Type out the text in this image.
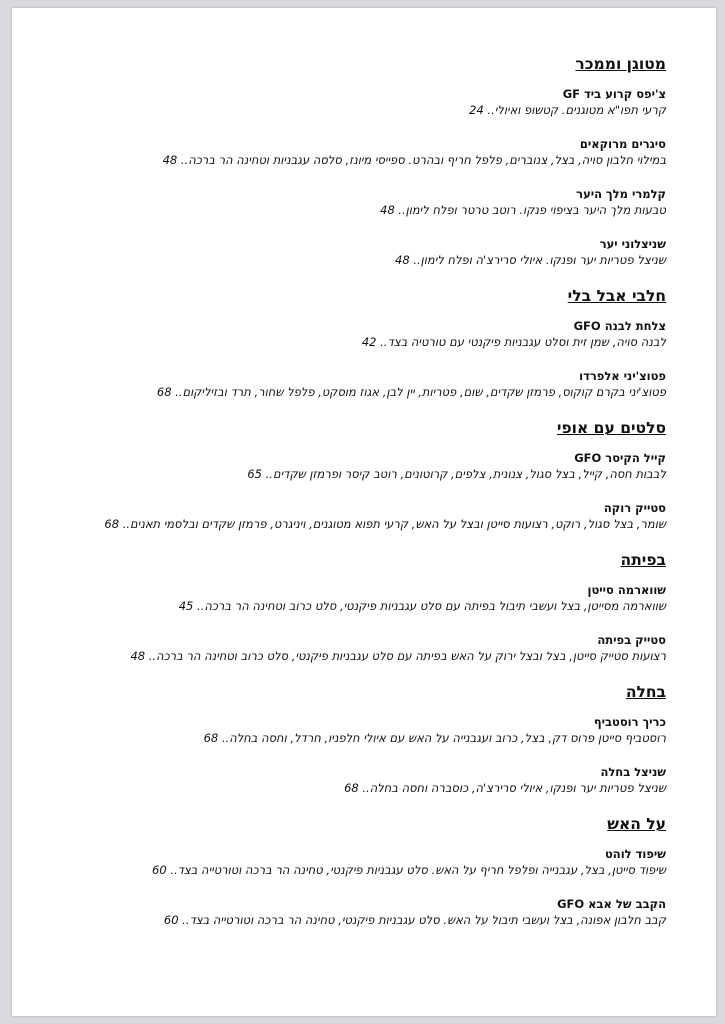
מטוגן וממכר
צ'יפס קרוע ביד GF
קרעי תפו"א מטוגנים. קטשופ ואיולי.. 24
סיגרים מרוקאים
במילוי חלבון סויה, בצל, צנוברים, פלפל חריף ובהרט. ספייסי מיונז, סלסה עגבניות וטחינה הר ברכה.. 48
קלמרי מלך היער
טבעות מלך היער בציפוי פנקו. רוטב טרטר ופלח לימון.. 48
שניצלוני יער
שניצל פטריות יער ופנקו. איולי סרירצ'ה ופלח לימון.. 48
חלבי אבל בלי
צלחת לבנה GFO
לבנה סויה, שמן זית וסלט עגבניות פיקנטי עם טורטיה בצד.. 42
פטוצ'יני אלפרדו
פטוצ'יני בקרם קוקוס, פרמזן שקדים, שום, פטריות, יין לבן, אגוז מוסקט, פלפל שחור, תרד ובזיליקום.. 68
סלטים עם אופי
קייל הקיסר GFO
לבבות חסה, קייל, בצל סגול, צנונית, צלפים, קרוטונים, רוטב קיסר ופרמזן שקדים.. 65
סטייק רוקה
שומר, בצל סגול, רוקט, רצועות סייטן ובצל על האש, קרעי תפוא מטוגנים, ויניגרט, פרמזן שקדים ובלסמי תאנים.. 68
בפיתה
שווארמה סייטן
שווארמה מסייטן, בצל ועשבי תיבול בפיתה עם סלט עגבניות פיקנטי, סלט כרוב וטחינה הר ברכה.. 45
סטייק בפיתה
רצועות סטייק סייטן, בצל ובצל ירוק על האש בפיתה עם סלט עגבניות פיקנטי, סלט כרוב וטחינה הר ברכה.. 48
בחלה
כריך רוסטביף
רוסטביף סייטן פרוס דק, בצל, כרוב ועגבנייה על האש עם איולי חלפניו, חרדל, וחסה בחלה.. 68
שניצל בחלה
שניצל פטריות יער ופנקו, איולי סרירצ'ה, כוסברה וחסה בחלה.. 68
על האש
שיפוד לוהט
שיפוד סייטן, בצל, עגבנייה ופלפל חריף על האש. סלט עגבניות פיקנטי, טחינה הר ברכה וטורטייה בצד.. 60
הקבב של אבא GFO
קבב חלבון אפונה, בצל ועשבי תיבול על האש. סלט עגבניות פיקנטי, טחינה הר ברכה וטורטייה בצד.. 60
